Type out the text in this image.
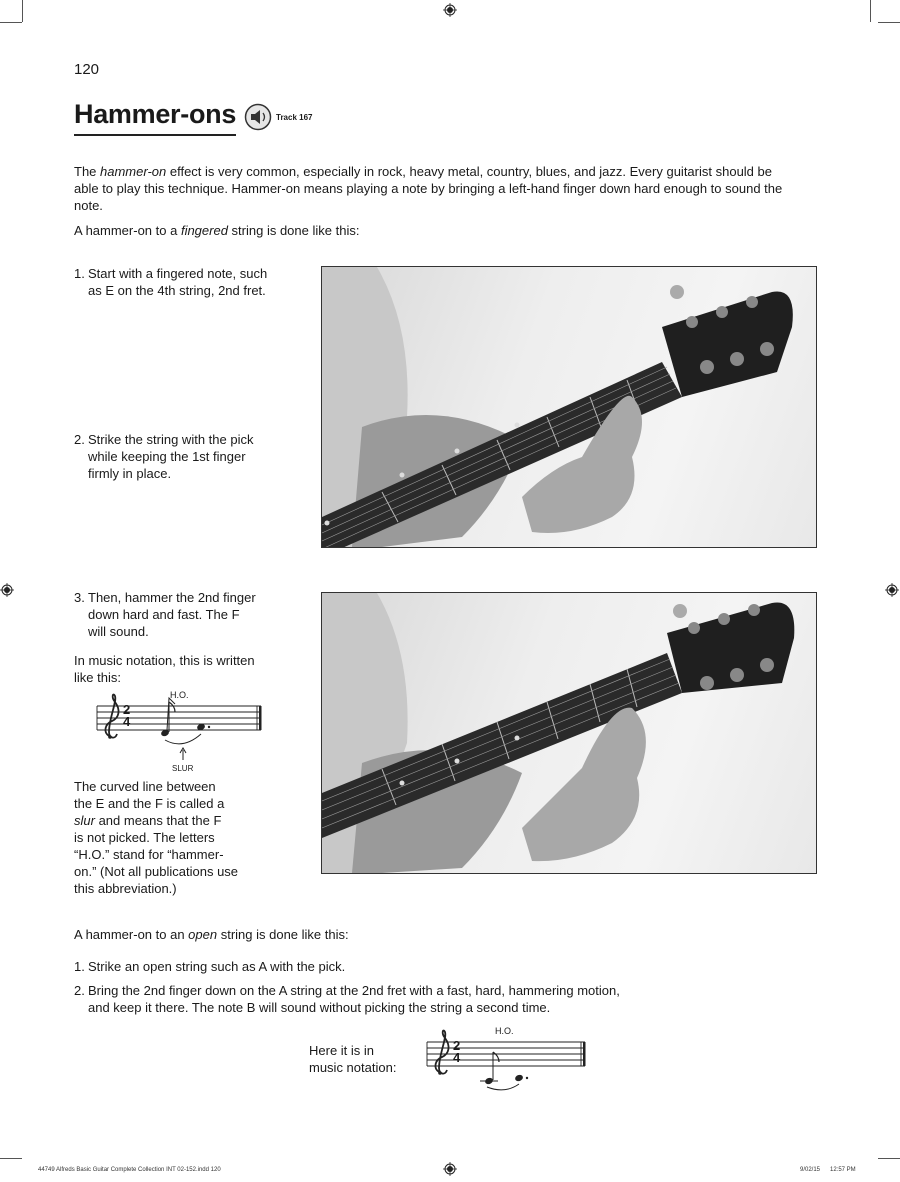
120
Hammer-ons	Track 167
The hammer-on effect is very common, especially in rock, heavy metal, country, blues, and jazz. Every guitarist should be able to play this technique. Hammer-on means playing a note by bringing a left-hand finger down hard enough to sound the note.
A hammer-on to a fingered string is done like this:
1. Start with a fingered note, such
as E on the 4th string, 2nd fret.
2. Strike the string with the pick
while keeping the 1st finger
firmly in place.
3. Then, hammer the 2nd finger
down hard and fast. The F
will sound.
In music notation, this is written
like this:
2
4
H.O.
SLUR
The curved line between
the E and the F is called a
slur and means that the F
is not picked. The letters
“H.O.” stand for “hammer-
on.” (Not all publications use
this abbreviation.)
A hammer-on to an open string is done like this:
1. Strike an open string such as A with the pick.
2. Bring the 2nd finger down on the A string at the 2nd fret with a fast, hard, hammering motion,
and keep it there. The note B will sound without picking the string a second time.
Here it is in
music notation:
2
4
H.O.
44749 Alfreds Basic Guitar Complete Collection INT 02-152.indd 120	9/02/15 12:57 PM
